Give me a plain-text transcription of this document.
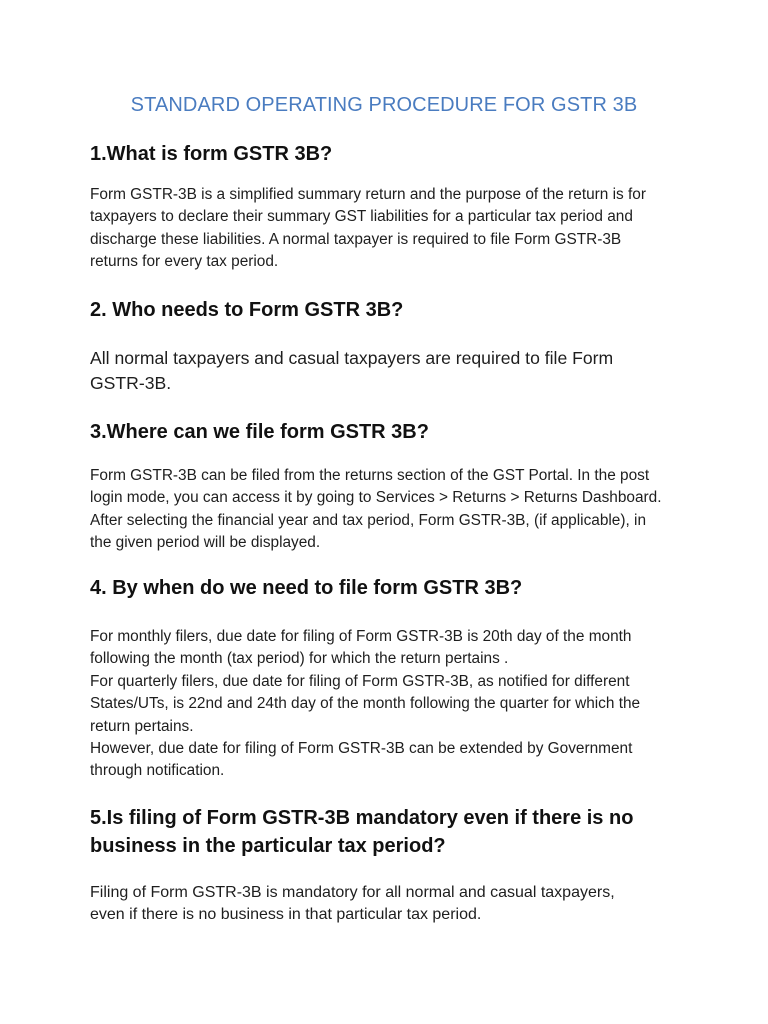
STANDARD OPERATING PROCEDURE FOR GSTR 3B
1.What is form GSTR 3B?

Form GSTR-3B is a simplified summary return and the purpose of the return is for
taxpayers to declare their summary GST liabilities for a particular tax period and
discharge these liabilities. A normal taxpayer is required to file Form GSTR-3B
returns for every tax period.

2. Who needs to Form GSTR 3B?

All normal taxpayers and casual taxpayers are required to file Form
GSTR-3B.

3.Where can we file form GSTR 3B?

Form GSTR-3B can be filed from the returns section of the GST Portal. In the post
login mode, you can access it by going to Services > Returns > Returns Dashboard.
After selecting the financial year and tax period, Form GSTR-3B, (if applicable), in
the given period will be displayed.

4. By when do we need to file form GSTR 3B?

For monthly filers, due date for filing of Form GSTR-3B is 20th day of the month
following the month (tax period) for which the return pertains .
For quarterly filers, due date for filing of Form GSTR-3B, as notified for different
States/UTs, is 22nd and 24th day of the month following the quarter for which the
return pertains.
However, due date for filing of Form GSTR-3B can be extended by Government
through notification.

5.Is filing of Form GSTR-3B mandatory even if there is no
business in the particular tax period?

Filing of Form GSTR-3B is mandatory for all normal and casual taxpayers,
even if there is no business in that particular tax period.
